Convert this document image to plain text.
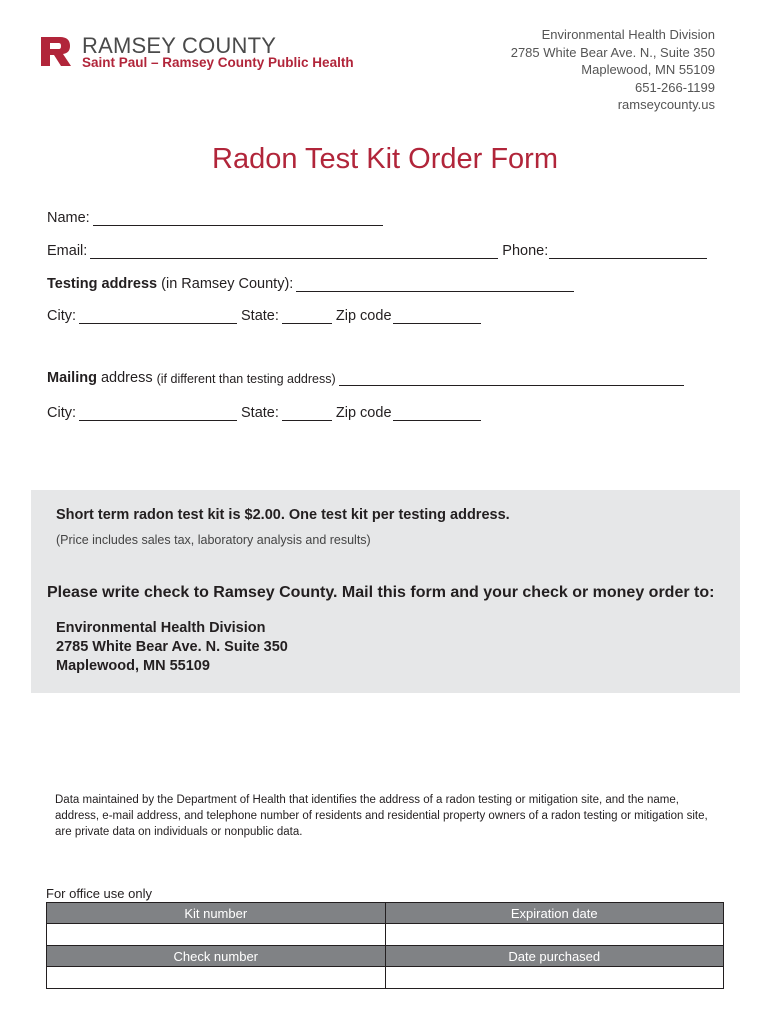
RAMSEY COUNTY
Saint Paul – Ramsey County Public Health
Environmental Health Division
2785 White Bear Ave. N., Suite 350
Maplewood, MN 55109
651-266-1199
ramseycounty.us
Radon Test Kit Order Form
Name:
Email:	Phone:
Testing address
(in Ramsey County):
City:	State:	Zip code
Mailing
address
(if different than testing address)
City:	State:	Zip code
Short term radon test kit is $2.00. One test kit per testing address.
(Price includes sales tax, laboratory analysis and results)
Please write check to Ramsey County. Mail this form and your check or money order to:
Environmental Health Division
2785 White Bear Ave. N. Suite 350
Maplewood, MN 55109
Data maintained by the Department of Health that identifies the address of a radon testing or mitigation site, and the name, address, e-mail address, and telephone number of residents and residential property owners of a radon testing or mitigation site, are private data on individuals or nonpublic data.
For office use only
Kit number	Expiration date

Check number	Date purchased
